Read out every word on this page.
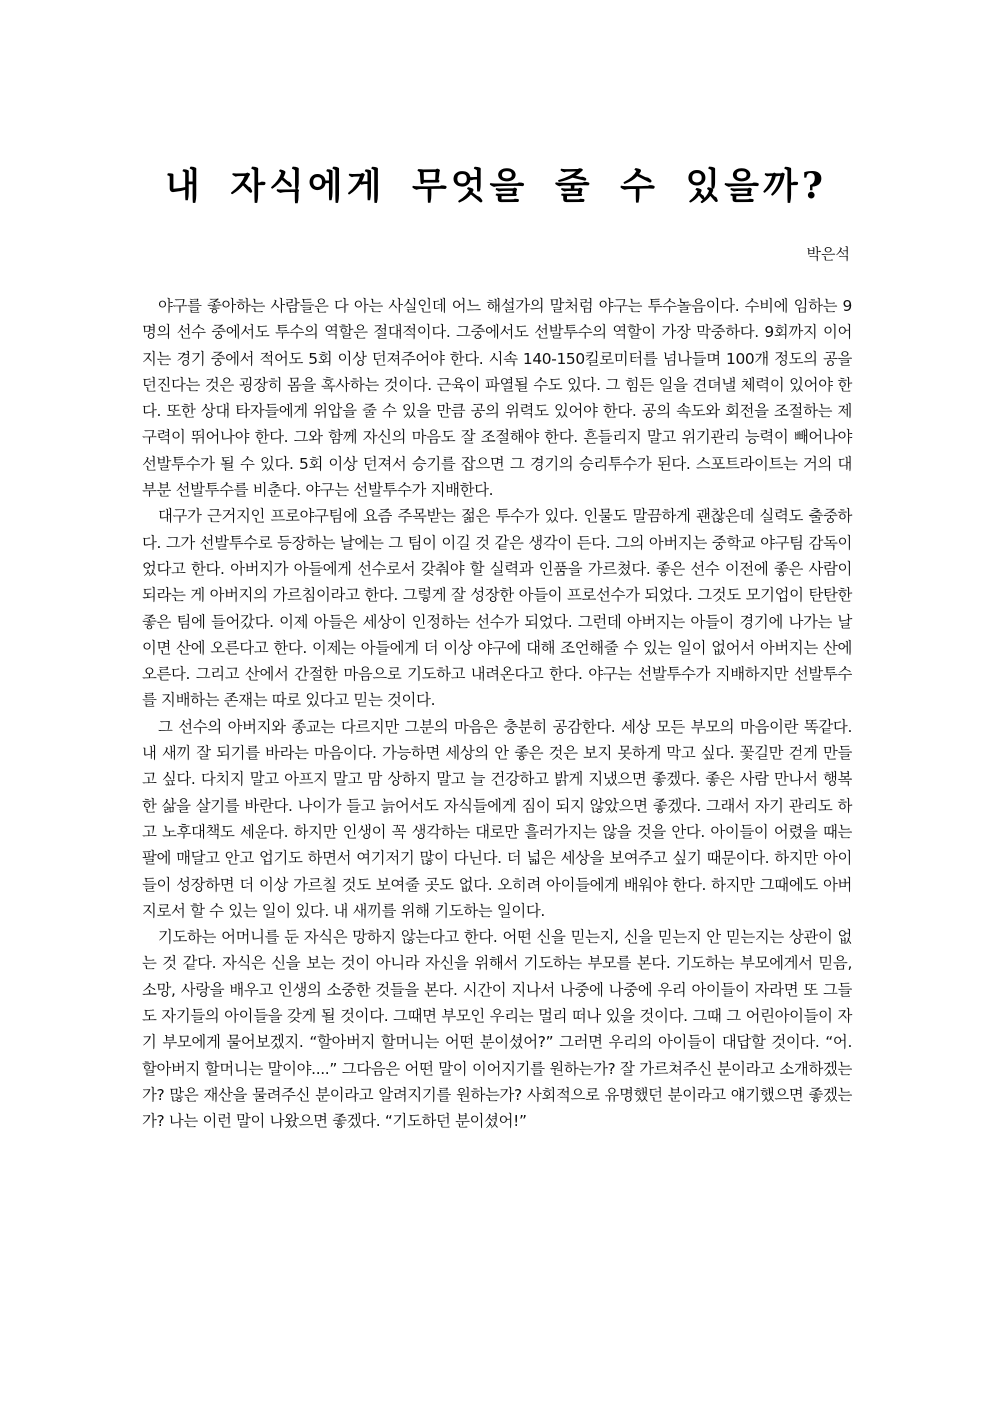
내 자식에게 무엇을 줄 수 있을까?

박은석

야구를 좋아하는 사람들은 다 아는 사실인데 어느 해설가의 말처럼 야구는 투수놀음이다. 수비에 임하는 9명의 선수 중에서도 투수의 역할은 절대적이다. 그중에서도 선발투수의 역할이 가장 막중하다. 9회까지 이어지는 경기 중에서 적어도 5회 이상 던져주어야 한다. 시속 140-150킬로미터를 넘나들며 100개 정도의 공을 던진다는 것은 굉장히 몸을 혹사하는 것이다. 근육이 파열될 수도 있다. 그 힘든 일을 견뎌낼 체력이 있어야 한다. 또한 상대 타자들에게 위압을 줄 수 있을 만큼 공의 위력도 있어야 한다. 공의 속도와 회전을 조절하는 제구력이 뛰어나야 한다. 그와 함께 자신의 마음도 잘 조절해야 한다. 흔들리지 말고 위기관리 능력이 빼어나야 선발투수가 될 수 있다. 5회 이상 던져서 승기를 잡으면 그 경기의 승리투수가 된다. 스포트라이트는 거의 대부분 선발투수를 비춘다. 야구는 선발투수가 지배한다.

대구가 근거지인 프로야구팀에 요즘 주목받는 젊은 투수가 있다. 인물도 말끔하게 괜찮은데 실력도 출중하다. 그가 선발투수로 등장하는 날에는 그 팀이 이길 것 같은 생각이 든다. 그의 아버지는 중학교 야구팀 감독이었다고 한다. 아버지가 아들에게 선수로서 갖춰야 할 실력과 인품을 가르쳤다. 좋은 선수 이전에 좋은 사람이 되라는 게 아버지의 가르침이라고 한다. 그렇게 잘 성장한 아들이 프로선수가 되었다. 그것도 모기업이 탄탄한 좋은 팀에 들어갔다. 이제 아들은 세상이 인정하는 선수가 되었다. 그런데 아버지는 아들이 경기에 나가는 날이면 산에 오른다고 한다. 이제는 아들에게 더 이상 야구에 대해 조언해줄 수 있는 일이 없어서 아버지는 산에 오른다. 그리고 산에서 간절한 마음으로 기도하고 내려온다고 한다. 야구는 선발투수가 지배하지만 선발투수를 지배하는 존재는 따로 있다고 믿는 것이다.

그 선수의 아버지와 종교는 다르지만 그분의 마음은 충분히 공감한다. 세상 모든 부모의 마음이란 똑같다. 내 새끼 잘 되기를 바라는 마음이다. 가능하면 세상의 안 좋은 것은 보지 못하게 막고 싶다. 꽃길만 걷게 만들고 싶다. 다치지 말고 아프지 말고 맘 상하지 말고 늘 건강하고 밝게 지냈으면 좋겠다. 좋은 사람 만나서 행복한 삶을 살기를 바란다. 나이가 들고 늙어서도 자식들에게 짐이 되지 않았으면 좋겠다. 그래서 자기 관리도 하고 노후대책도 세운다. 하지만 인생이 꼭 생각하는 대로만 흘러가지는 않을 것을 안다. 아이들이 어렸을 때는 팔에 매달고 안고 업기도 하면서 여기저기 많이 다닌다. 더 넓은 세상을 보여주고 싶기 때문이다. 하지만 아이들이 성장하면 더 이상 가르칠 것도 보여줄 곳도 없다. 오히려 아이들에게 배워야 한다. 하지만 그때에도 아버지로서 할 수 있는 일이 있다. 내 새끼를 위해 기도하는 일이다.

기도하는 어머니를 둔 자식은 망하지 않는다고 한다. 어떤 신을 믿는지, 신을 믿는지 안 믿는지는 상관이 없는 것 같다. 자식은 신을 보는 것이 아니라 자신을 위해서 기도하는 부모를 본다. 기도하는 부모에게서 믿음, 소망, 사랑을 배우고 인생의 소중한 것들을 본다. 시간이 지나서 나중에 나중에 우리 아이들이 자라면 또 그들도 자기들의 아이들을 갖게 될 것이다. 그때면 부모인 우리는 멀리 떠나 있을 것이다. 그때 그 어린아이들이 자기 부모에게 물어보겠지. “할아버지 할머니는 어떤 분이셨어?” 그러면 우리의 아이들이 대답할 것이다. “어. 할아버지 할머니는 말이야....” 그다음은 어떤 말이 이어지기를 원하는가? 잘 가르쳐주신 분이라고 소개하겠는가? 많은 재산을 물려주신 분이라고 알려지기를 원하는가? 사회적으로 유명했던 분이라고 얘기했으면 좋겠는가? 나는 이런 말이 나왔으면 좋겠다. “기도하던 분이셨어!”
